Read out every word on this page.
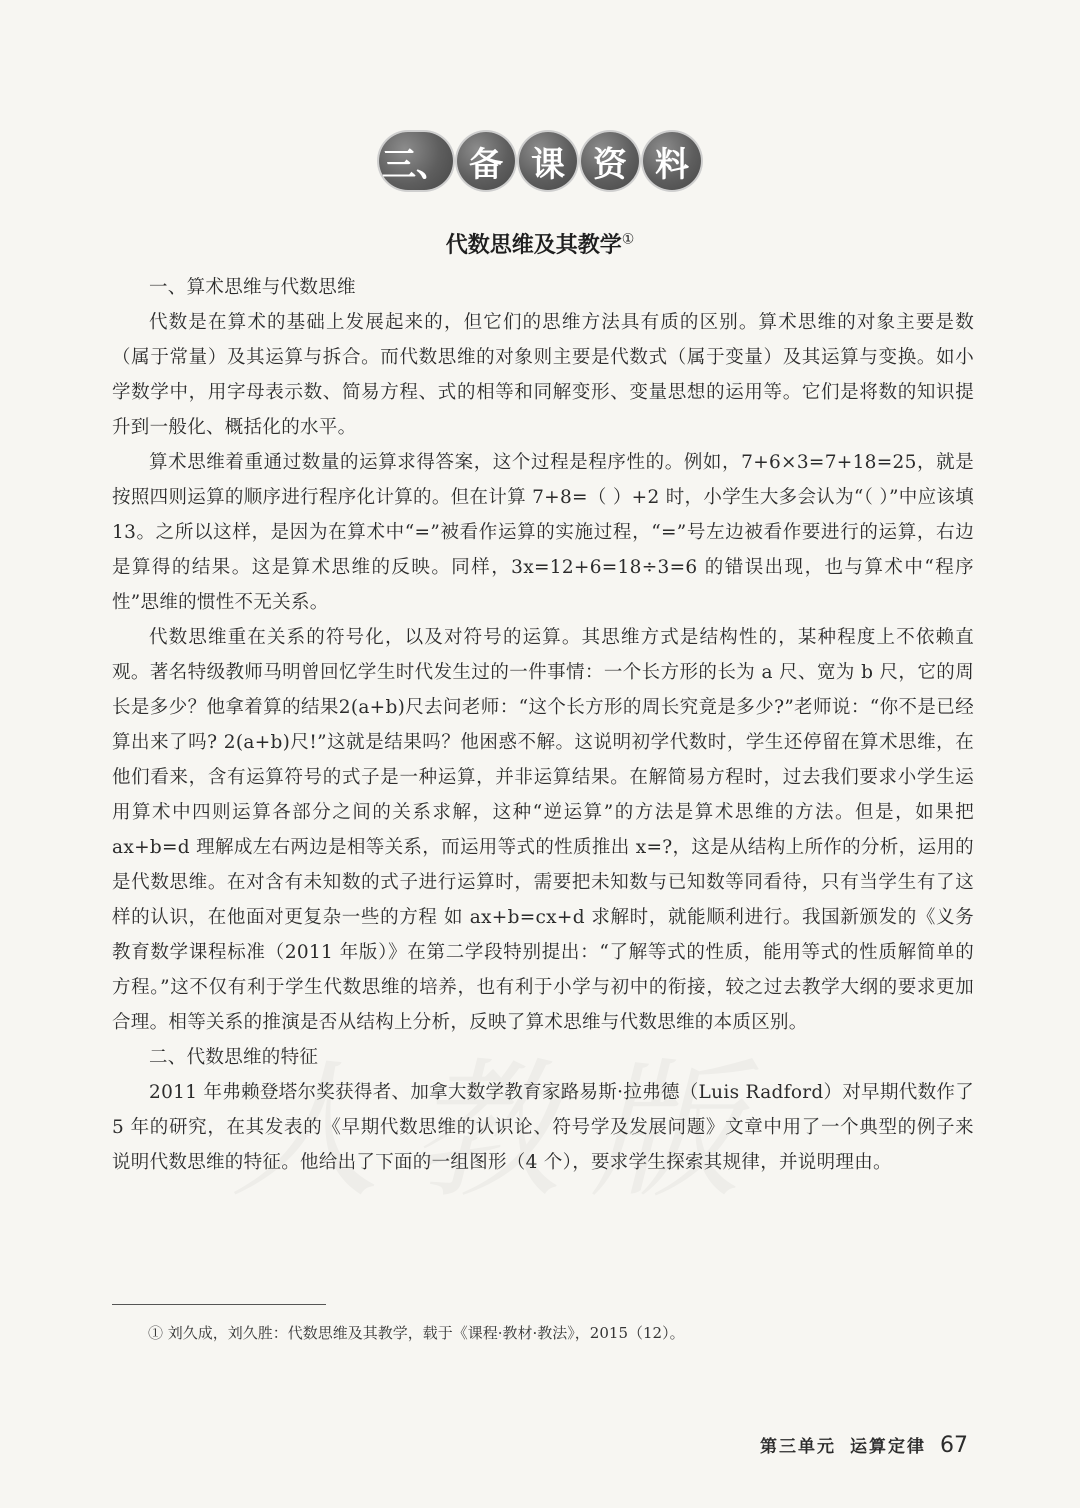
三、 备 课 资 料
代数思维及其教学①
一、算术思维与代数思维

代数是在算术的基础上发展起来的，但它们的思维方法具有质的区别。算术思维的对象主要是数（属于常量）及其运算与拆合。而代数思维的对象则主要是代数式（属于变量）及其运算与变换。如小学数学中，用字母表示数、简易方程、式的相等和同解变形、变量思想的运用等。它们是将数的知识提升到一般化、概括化的水平。

算术思维着重通过数量的运算求得答案，这个过程是程序性的。例如，7+6×3=7+18=25，就是按照四则运算的顺序进行程序化计算的。但在计算 7+8=（ ）+2 时，小学生大多会认为“（ ）”中应该填 13。之所以这样，是因为在算术中“=”被看作运算的实施过程，“=”号左边被看作要进行的运算，右边是算得的结果。这是算术思维的反映。同样，3x=12+6=18÷3=6 的错误出现，也与算术中“程序性”思维的惯性不无关系。

代数思维重在关系的符号化，以及对符号的运算。其思维方式是结构性的，某种程度上不依赖直观。著名特级教师马明曾回忆学生时代发生过的一件事情：一个长方形的长为 a 尺、宽为 b 尺，它的周长是多少？他拿着算的结果2(a+b)尺去问老师：“这个长方形的周长究竟是多少?”老师说：“你不是已经算出来了吗? 2(a+b)尺!”这就是结果吗？他困惑不解。这说明初学代数时，学生还停留在算术思维，在他们看来，含有运算符号的式子是一种运算，并非运算结果。在解简易方程时，过去我们要求小学生运用算术中四则运算各部分之间的关系求解，这种“逆运算”的方法是算术思维的方法。但是，如果把 ax+b=d 理解成左右两边是相等关系，而运用等式的性质推出 x=?，这是从结构上所作的分析，运用的是代数思维。在对含有未知数的式子进行运算时，需要把未知数与已知数等同看待，只有当学生有了这样的认识，在他面对更复杂一些的方程 如 ax+b=cx+d 求解时，就能顺利进行。我国新颁发的《义务教育数学课程标准（2011 年版）》在第二学段特别提出：“了解等式的性质，能用等式的性质解简单的方程。”这不仅有利于学生代数思维的培养，也有利于小学与初中的衔接，较之过去教学大纲的要求更加合理。相等关系的推演是否从结构上分析，反映了算术思维与代数思维的本质区别。

二、代数思维的特征

2011 年弗赖登塔尔奖获得者、加拿大数学教育家路易斯·拉弗德（Luis Radford）对早期代数作了 5 年的研究，在其发表的《早期代数思维的认识论、符号学及发展问题》文章中用了一个典型的例子来说明代数思维的特征。他给出了下面的一组图形（4 个），要求学生探索其规律，并说明理由。

① 刘久成，刘久胜：代数思维及其教学，载于《课程·教材·教法》，2015（12）。
第三单元 运算定律 67
